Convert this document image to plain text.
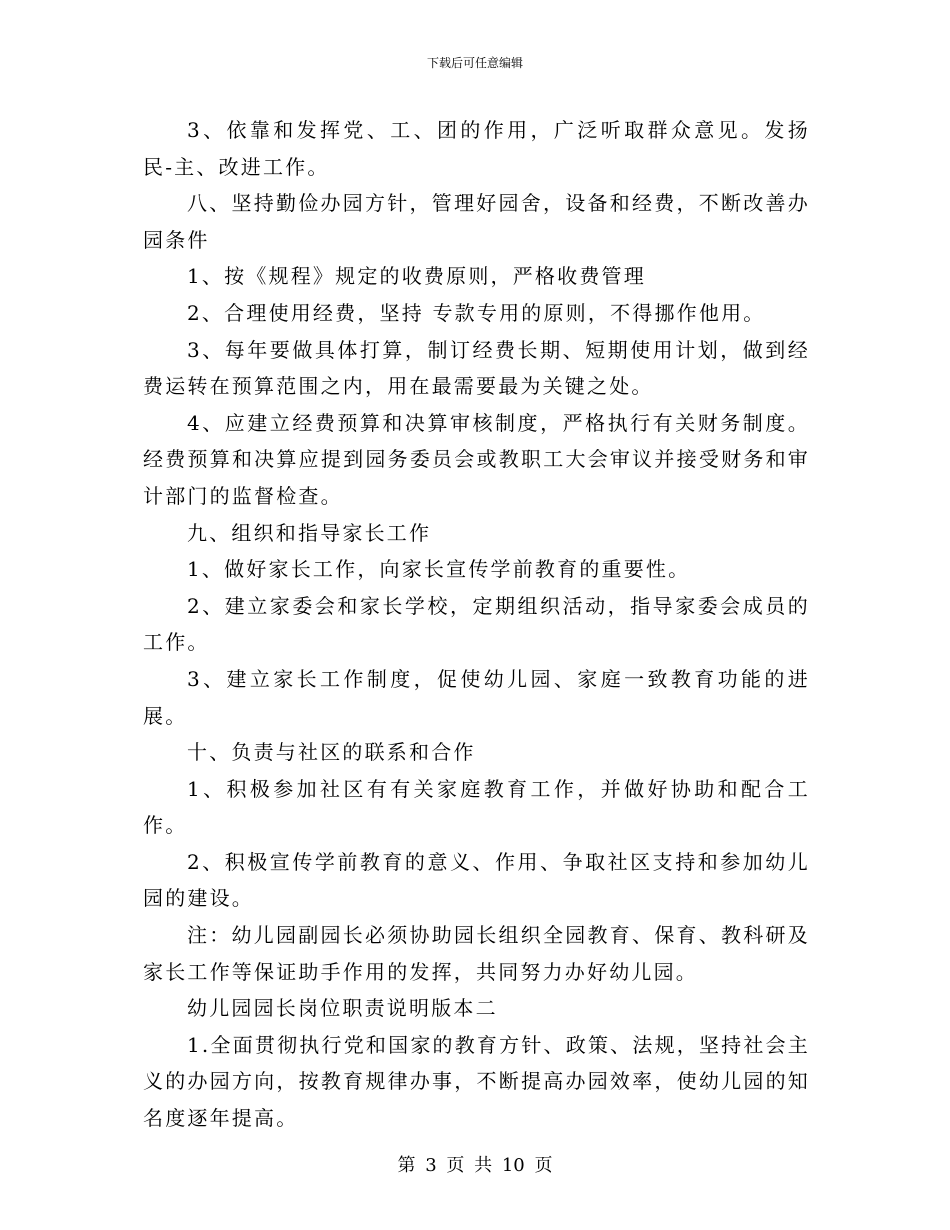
下载后可任意编辑

3、依靠和发挥党、工、团的作用，广泛听取群众意见。发扬民-主、改进工作。

八、坚持勤俭办园方针，管理好园舍，设备和经费，不断改善办园条件

1、按《规程》规定的收费原则，严格收费管理

2、合理使用经费，坚持 专款专用的原则，不得挪作他用。

3、每年要做具体打算，制订经费长期、短期使用计划，做到经费运转在预算范围之内，用在最需要最为关键之处。

4、应建立经费预算和决算审核制度，严格执行有关财务制度。经费预算和决算应提到园务委员会或教职工大会审议并接受财务和审计部门的监督检查。

九、组织和指导家长工作

1、做好家长工作，向家长宣传学前教育的重要性。

2、建立家委会和家长学校，定期组织活动，指导家委会成员的工作。

3、建立家长工作制度，促使幼儿园、家庭一致教育功能的进展。

十、负责与社区的联系和合作

1、积极参加社区有有关家庭教育工作，并做好协助和配合工作。

2、积极宣传学前教育的意义、作用、争取社区支持和参加幼儿园的建设。

注：幼儿园副园长必须协助园长组织全园教育、保育、教科研及家长工作等保证助手作用的发挥，共同努力办好幼儿园。

幼儿园园长岗位职责说明版本二

1.全面贯彻执行党和国家的教育方针、政策、法规，坚持社会主义的办园方向，按教育规律办事，不断提高办园效率，使幼儿园的知名度逐年提高。

第 3 页 共 10 页
